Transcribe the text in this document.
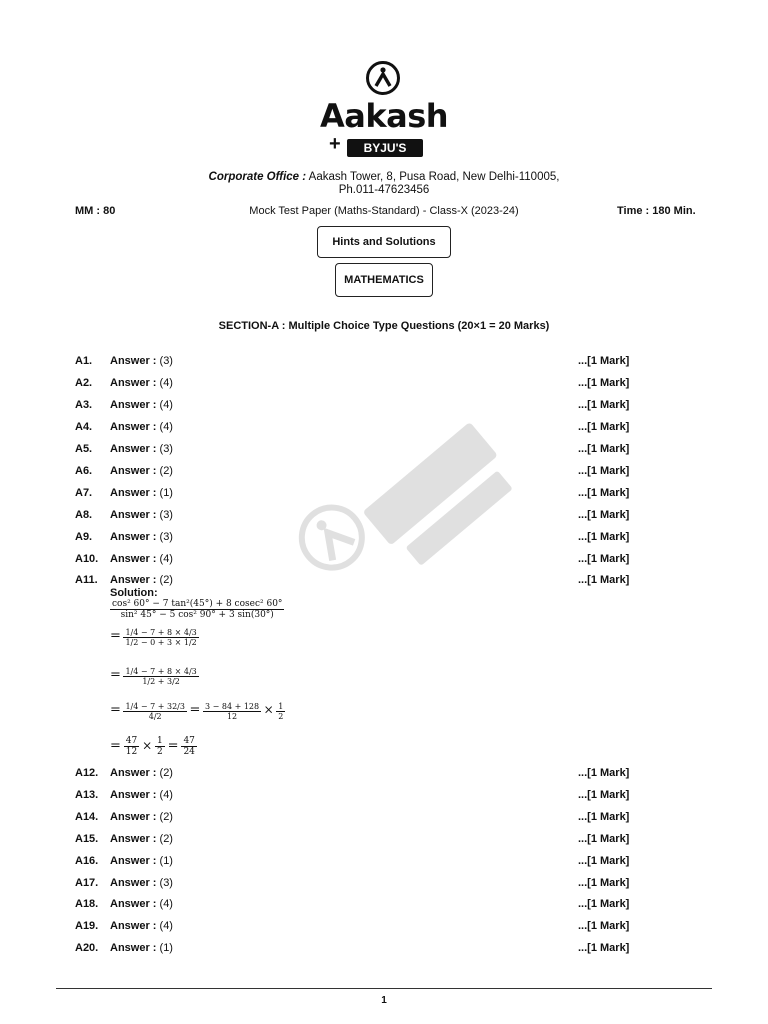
Aakash
+	BYJU'S
Corporate Office : Aakash Tower, 8, Pusa Road, New Delhi-110005,
Ph.011-47623456
MM : 80	Mock Test Paper (Maths-Standard) - Class-X (2023-24)	Time : 180 Min.
Hints and Solutions
MATHEMATICS
SECTION-A : Multiple Choice Type Questions (20×1 = 20 Marks)
A1. Answer : (3)	...[1 Mark]
A2. Answer : (4)	...[1 Mark]
A3. Answer : (4)	...[1 Mark]
A4. Answer : (4)	...[1 Mark]
A5. Answer : (3)	...[1 Mark]
A6. Answer : (2)	...[1 Mark]
A7. Answer : (1)	...[1 Mark]
A8. Answer : (3)	...[1 Mark]
A9. Answer : (3)	...[1 Mark]
A10. Answer : (4)	...[1 Mark]
A11. Answer : (2)	...[1 Mark]
Solution:
$\frac{\text{cos² 60° − 7 tan²(45°) + 8 cosec² 60°}}{\text{sin² 45° − 5 cos² 90° + 3 sin(30°)}}$
= $\frac{1/4 - 7 + 8 \times 4/3}{1/2 - 0 + 3 \times 1/2}$
= $\frac{1/4 - 7 + 8 \times 4/3}{1/2 + 3/2}$
= $\frac{1/4 - 7 + 32/3}{4/2} = \frac{3 - 84 + 128}{12} \times \frac{1}{2}$
= $\frac{47}{12} \times \frac{1}{2} = \frac{47}{24}$
A12. Answer : (2)	...[1 Mark]
A13. Answer : (4)	...[1 Mark]
A14. Answer : (2)	...[1 Mark]
A15. Answer : (2)	...[1 Mark]
A16. Answer : (1)	...[1 Mark]
A17. Answer : (3)	...[1 Mark]
A18. Answer : (4)	...[1 Mark]
A19. Answer : (4)	...[1 Mark]
A20. Answer : (1)	...[1 Mark]
1
